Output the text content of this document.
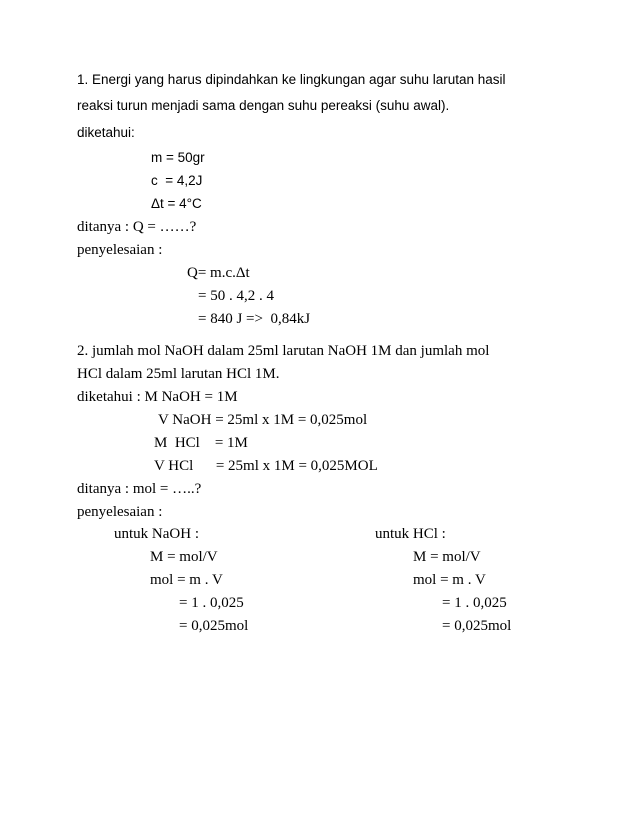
1. Energi yang harus dipindahkan ke lingkungan agar suhu larutan hasil
reaksi turun menjadi sama dengan suhu pereaksi (suhu awal).
diketahui:
m = 50gr
c  = 4,2J
Δt = 4°C
ditanya : Q = ……?
penyelesaian :
Q= m.c.Δt
= 50 . 4,2 . 4
= 840 J =>  0,84kJ
2. jumlah mol NaOH dalam 25ml larutan NaOH 1M dan jumlah mol
HCl dalam 25ml larutan HCl 1M.
diketahui : M NaOH = 1M
V NaOH = 25ml x 1M = 0,025mol
M  HCl    = 1M
V HCl      = 25ml x 1M = 0,025MOL
ditanya : mol = …..?
penyelesaian :
untuk NaOH :
M = mol/V
mol = m . V
= 1 . 0,025
= 0,025mol
untuk HCl :
M = mol/V
mol = m . V
= 1 . 0,025
= 0,025mol
